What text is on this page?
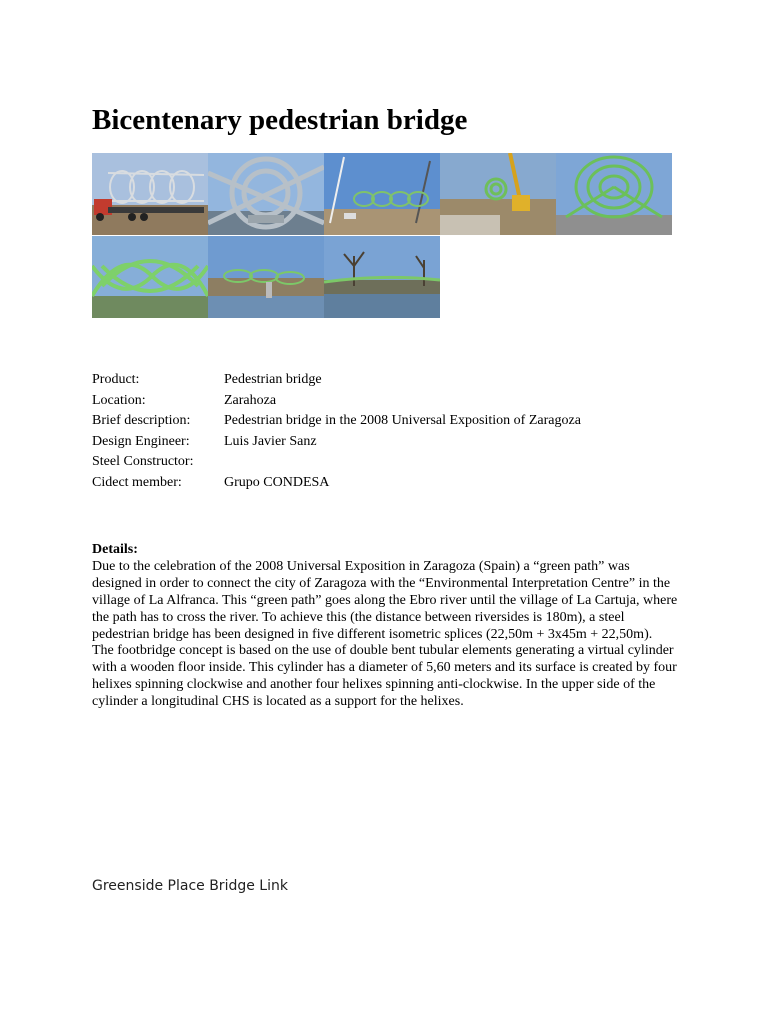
Bicentenary pedestrian bridge
Product:	Pedestrian bridge
Location:	Zarahoza
Brief description:	Pedestrian bridge in the 2008 Universal Exposition of Zaragoza
Design Engineer:	Luis Javier Sanz
Steel Constructor:
Cidect member:	Grupo CONDESA

Details:

Due to the celebration of the 2008 Universal Exposition in Zaragoza (Spain) a “green path” was designed in order to connect the city of Zaragoza with the “Environmental Interpretation Centre” in the village of La Alfranca. This “green path” goes along the Ebro river until the village of La Cartuja, where the path has to cross the river. To achieve this (the distance between riversides is 180m), a steel pedestrian bridge has been designed in five different isometric splices (22,50m + 3x45m + 22,50m).

The footbridge concept is based on the use of double bent tubular elements generating a virtual cylinder with a wooden floor inside. This cylinder has a diameter of 5,60 meters and its surface is created by four helixes spinning clockwise and another four helixes spinning anti-clockwise. In the upper side of the cylinder a longitudinal CHS is located as a support for the helixes.

Greenside Place Bridge Link
